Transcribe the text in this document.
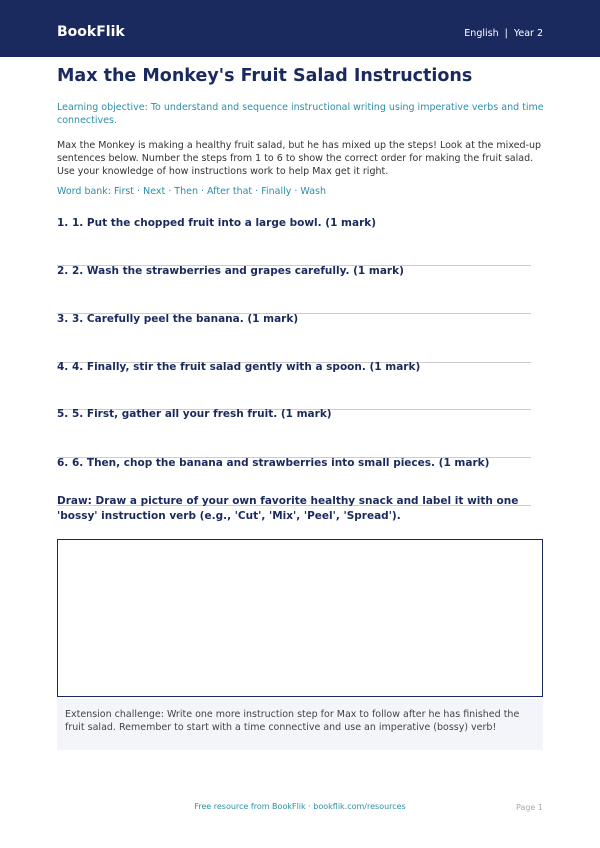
BookFlik	English | Year 2
Max the Monkey's Fruit Salad Instructions
Learning objective: To understand and sequence instructional writing using imperative verbs and time connectives.
Max the Monkey is making a healthy fruit salad, but he has mixed up the steps! Look at the mixed-up sentences below. Number the steps from 1 to 6 to show the correct order for making the fruit salad. Use your knowledge of how instructions work to help Max get it right.
Word bank: First · Next · Then · After that · Finally · Wash
1. 1. Put the chopped fruit into a large bowl. (1 mark)
2. 2. Wash the strawberries and grapes carefully. (1 mark)
3. 3. Carefully peel the banana. (1 mark)
4. 4. Finally, stir the fruit salad gently with a spoon. (1 mark)
5. 5. First, gather all your fresh fruit. (1 mark)
6. 6. Then, chop the banana and strawberries into small pieces. (1 mark)
Draw: Draw a picture of your own favorite healthy snack and label it with one 'bossy' instruction verb (e.g., 'Cut', 'Mix', 'Peel', 'Spread').
Extension challenge: Write one more instruction step for Max to follow after he has finished the fruit salad. Remember to start with a time connective and use an imperative (bossy) verb!
Free resource from BookFlik · bookflik.com/resources	Page 1
